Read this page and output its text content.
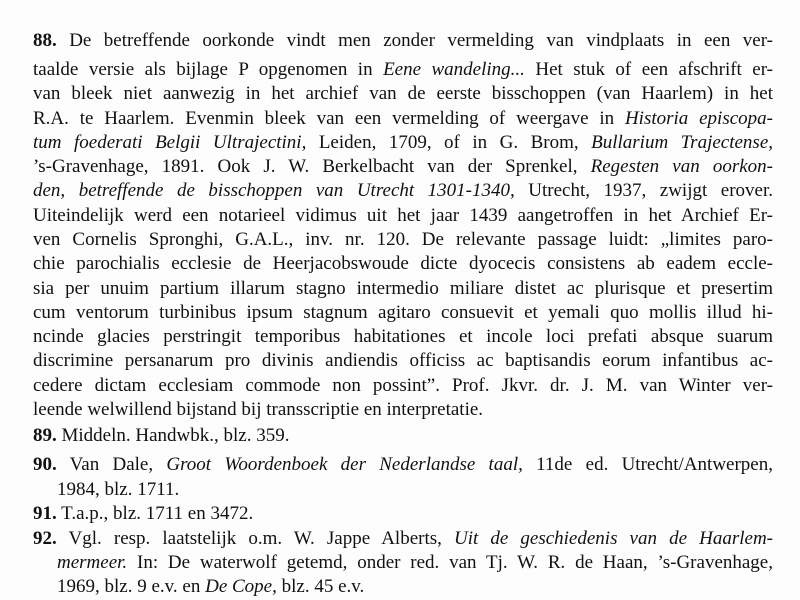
88. De betreffende oorkonde vindt men zonder vermelding van vindplaats in een ver-
taalde versie als bijlage P opgenomen in Eene wandeling... Het stuk of een afschrift er-
van bleek niet aanwezig in het archief van de eerste bisschoppen (van Haarlem) in het
R.A. te Haarlem. Evenmin bleek van een vermelding of weergave in Historia episcopa-
tum foederati Belgii Ultrajectini, Leiden, 1709, of in G. Brom, Bullarium Trajectense,
’s-Gravenhage, 1891. Ook J. W. Berkelbacht van der Sprenkel, Regesten van oorkon-
den, betreffende de bisschoppen van Utrecht 1301-1340, Utrecht, 1937, zwijgt erover.
Uiteindelijk werd een notarieel vidimus uit het jaar 1439 aangetroffen in het Archief Er-
ven Cornelis Spronghi, G.A.L., inv. nr. 120. De relevante passage luidt: „limites paro-
chie parochialis ecclesie de Heerjacobswoude dicte dyocecis consistens ab eadem eccle-
sia per unuim partium illarum stagno intermedio miliare distet ac plurisque et presertim
cum ventorum turbinibus ipsum stagnum agitaro consuevit et yemali quo mollis illud hi-
ncinde glacies perstringit temporibus habitationes et incole loci prefati absque suarum
discrimine persanarum pro divinis andiendis officiss ac baptisandis eorum infantibus ac-
cedere dictam ecclesiam commode non possint”. Prof. Jkvr. dr. J. M. van Winter ver-
leende welwillend bijstand bij transscriptie en interpretatie.
89. Middeln. Handwbk., blz. 359.
90. Van Dale, Groot Woordenboek der Nederlandse taal, 11de ed. Utrecht/Antwerpen,
1984, blz. 1711.
91. T.a.p., blz. 1711 en 3472.
92. Vgl. resp. laatstelijk o.m. W. Jappe Alberts, Uit de geschiedenis van de Haarlem-
mermeer. In: De waterwolf getemd, onder red. van Tj. W. R. de Haan, ’s-Gravenhage,
1969, blz. 9 e.v. en De Cope, blz. 45 e.v.
